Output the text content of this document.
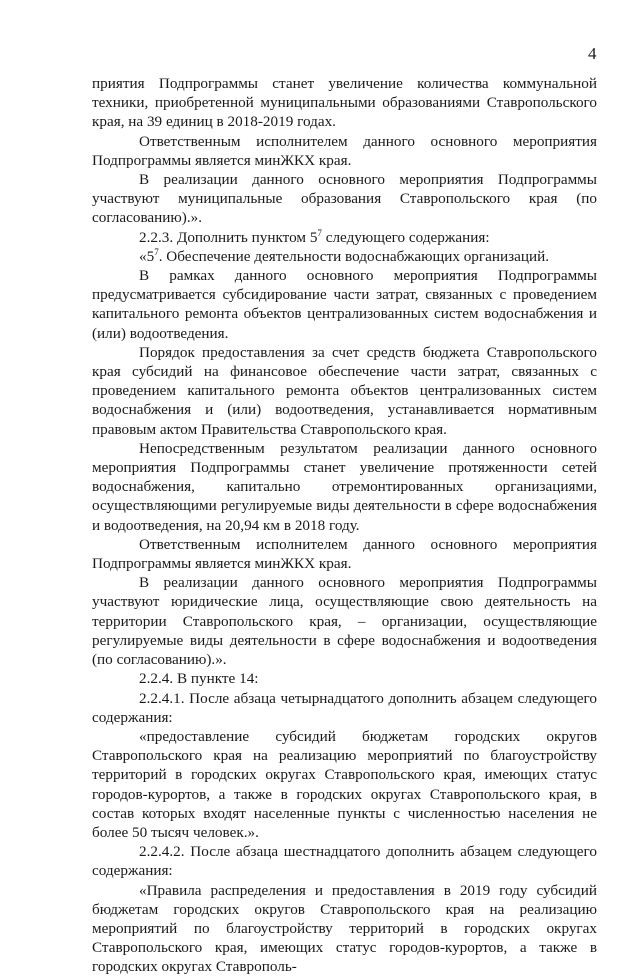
4

приятия Подпрограммы станет увеличение количества коммунальной техники, приобретенной муниципальными образованиями Ставропольского края, на 39 единиц в 2018-2019 годах.

Ответственным исполнителем данного основного мероприятия Подпрограммы является минЖКХ края.

В реализации данного основного мероприятия Подпрограммы участвуют муниципальные образования Ставропольского края (по согласованию).».

2.2.3. Дополнить пунктом $5^7$ следующего содержания:

«$5^7$. Обеспечение деятельности водоснабжающих организаций.

В рамках данного основного мероприятия Подпрограммы предусматривается субсидирование части затрат, связанных с проведением капитального ремонта объектов централизованных систем водоснабжения и (или) водоотведения.

Порядок предоставления за счет средств бюджета Ставропольского края субсидий на финансовое обеспечение части затрат, связанных с проведением капитального ремонта объектов централизованных систем водоснабжения и (или) водоотведения, устанавливается нормативным правовым актом Правительства Ставропольского края.

Непосредственным результатом реализации данного основного мероприятия Подпрограммы станет увеличение протяженности сетей водоснабжения, капитально отремонтированных организациями, осуществляющими регулируемые виды деятельности в сфере водоснабжения и водоотведения, на 20,94 км в 2018 году.

Ответственным исполнителем данного основного мероприятия Подпрограммы является минЖКХ края.

В реализации данного основного мероприятия Подпрограммы участвуют юридические лица, осуществляющие свою деятельность на территории Ставропольского края, – организации, осуществляющие регулируемые виды деятельности в сфере водоснабжения и водоотведения (по согласованию).».

2.2.4. В пункте 14:

2.2.4.1. После абзаца четырнадцатого дополнить абзацем следующего содержания:

«предоставление субсидий бюджетам городских округов Ставропольского края на реализацию мероприятий по благоустройству территорий в городских округах Ставропольского края, имеющих статус городов-курортов, а также в городских округах Ставропольского края, в состав которых входят населенные пункты с численностью населения не более 50 тысяч человек.».

2.2.4.2. После абзаца шестнадцатого дополнить абзацем следующего содержания:

«Правила распределения и предоставления в 2019 году субсидий бюджетам городских округов Ставропольского края на реализацию мероприятий по благоустройству территорий в городских округах Ставропольского края, имеющих статус городов-курортов, а также в городских округах Ставрополь-
